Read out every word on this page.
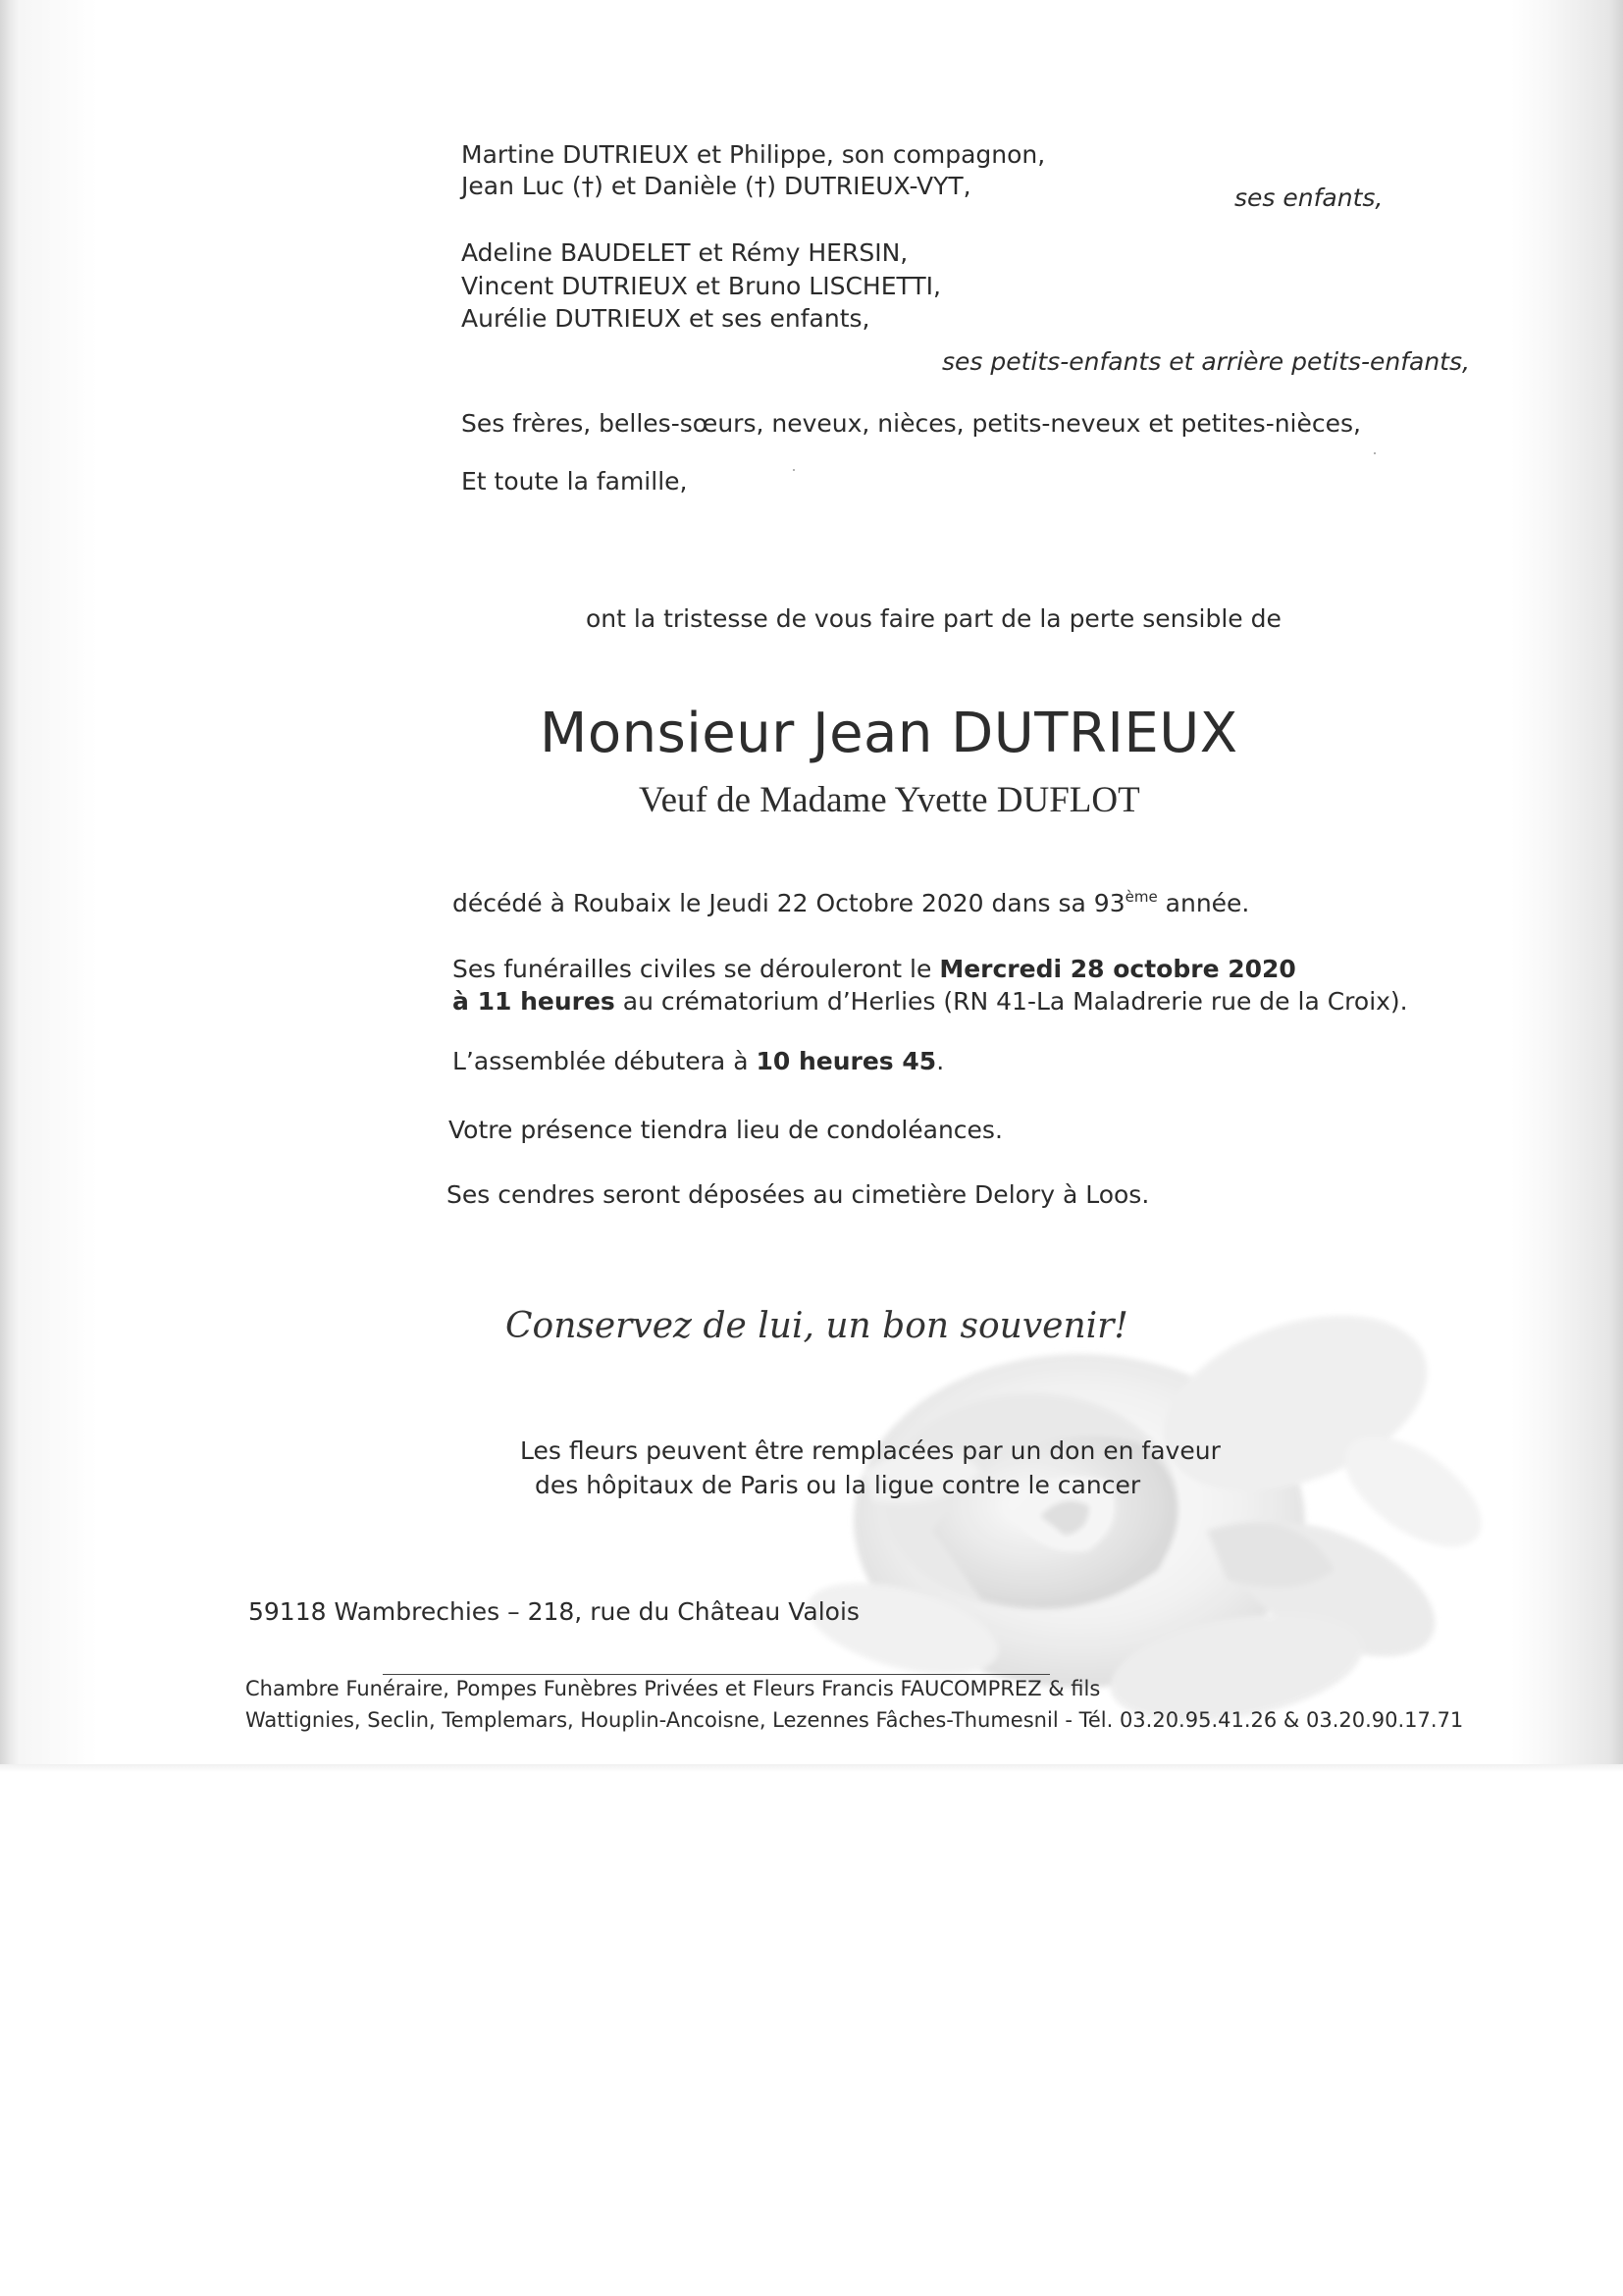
Martine DUTRIEUX et Philippe, son compagnon,
Jean Luc (†) et Danièle (†) DUTRIEUX-VYT,	ses enfants,
Adeline BAUDELET et Rémy HERSIN,
Vincent DUTRIEUX et Bruno LISCHETTI,
Aurélie DUTRIEUX et ses enfants,
ses petits-enfants et arrière petits-enfants,
Ses frères, belles-sœurs, neveux, nièces, petits-neveux et petites-nièces,
Et toute la famille,
ont la tristesse de vous faire part de la perte sensible de
Monsieur Jean DUTRIEUX
Veuf de Madame Yvette DUFLOT
décédé à Roubaix le Jeudi 22 Octobre 2020 dans sa 93ème année.
Ses funérailles civiles se dérouleront le Mercredi 28 octobre 2020
à 11 heures au crématorium d’Herlies (RN 41-La Maladrerie rue de la Croix).
L’assemblée débutera à 10 heures 45.
Votre présence tiendra lieu de condoléances.
Ses cendres seront déposées au cimetière Delory à Loos.
Conservez de lui, un bon souvenir!
Les fleurs peuvent être remplacées par un don en faveur
des hôpitaux de Paris ou la ligue contre le cancer
59118 Wambrechies – 218, rue du Château Valois
Chambre Funéraire, Pompes Funèbres Privées et Fleurs Francis FAUCOMPREZ & fils
Wattignies, Seclin, Templemars, Houplin-Ancoisne, Lezennes Fâches-Thumesnil - Tél. 03.20.95.41.26 & 03.20.90.17.71
